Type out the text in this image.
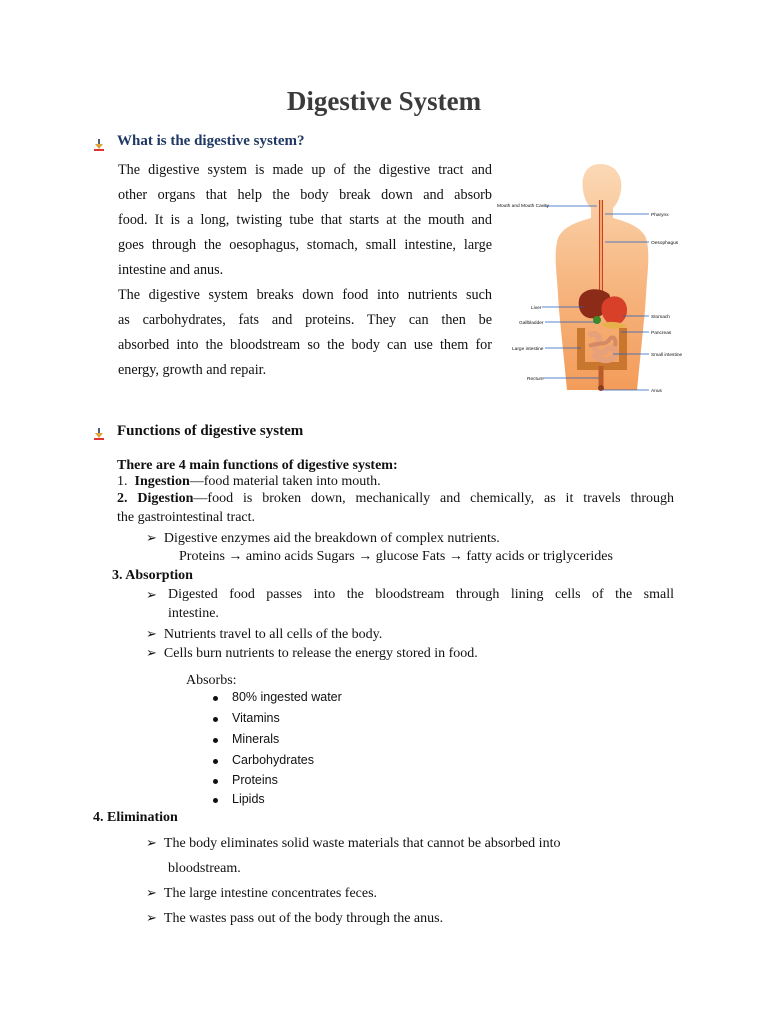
Digestive System
What is the digestive system?
The digestive system is made up of the digestive tract and
other organs that help the body break down and absorb
food. It is a long, twisting tube that starts at the mouth and
goes through the oesophagus, stomach, small intestine, large
intestine and anus.
The digestive system breaks down food into nutrients such
as carbohydrates, fats and proteins. They can then be
absorbed into the bloodstream so the body can use them for
energy, growth and repair.
Mouth and Mouth Cavity
Pharynx
Oesophagus
Liver
Gallbladder
Stomach
Pancreas
Large intestine
Small intestine
Rectum
Anus
Functions of digestive system
There are 4 main functions of digestive system:
1. Ingestion—food material taken into mouth.
2. Digestion—food is broken down, mechanically and chemically, as it travels through
the gastrointestinal tract.
➢ Digestive enzymes aid the breakdown of complex nutrients.
Proteins → amino acids Sugars → glucose Fats → fatty acids or triglycerides
3. Absorption
➢ Digested food passes into the bloodstream through lining cells of the small
intestine.
➢ Nutrients travel to all cells of the body.
➢ Cells burn nutrients to release the energy stored in food.
Absorbs:
80% ingested water
Vitamins
Minerals
Carbohydrates
Proteins
Lipids
4. Elimination
➢ The body eliminates solid waste materials that cannot be absorbed into
bloodstream.
➢ The large intestine concentrates feces.
➢ The wastes pass out of the body through the anus.
